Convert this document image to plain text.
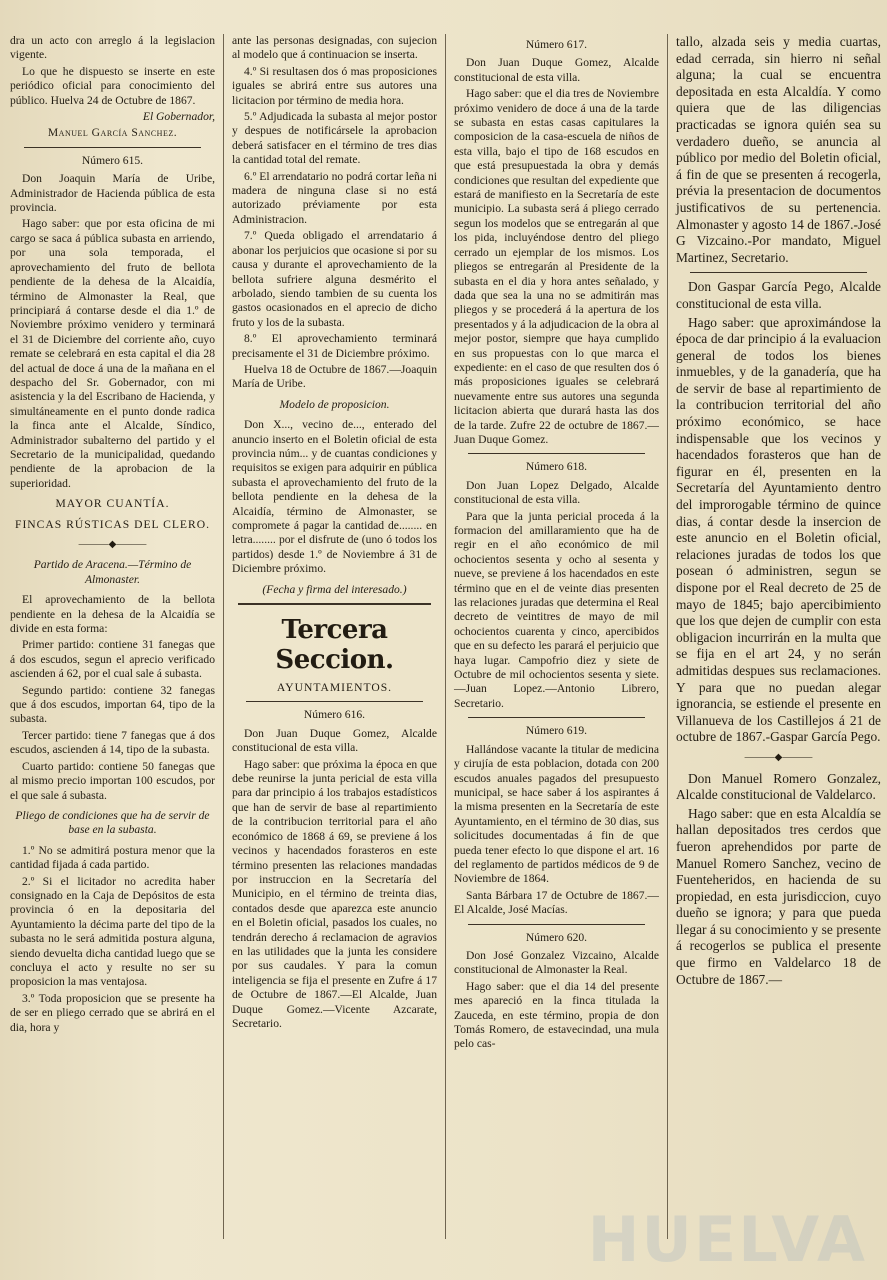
dra un acto con arreglo á la legislacion vigente.

Lo que he dispuesto se inserte en este periódico oficial para conocimiento del público. Huelva 24 de Octubre de 1867.

El Gobernador,

Manuel García Sanchez.

Número 615.

Don Joaquin María de Uribe, Administrador de Hacienda pública de esta provincia.

Hago saber: que por esta oficina de mi cargo se saca á pública subasta en arriendo, por una sola temporada, el aprovechamiento del fruto de bellota pendiente de la dehesa de la Alcaidía, término de Almonaster la Real, que principiará á contarse desde el dia 1.º de Noviembre próximo venidero y terminará el 31 de Diciembre del corriente año, cuyo remate se celebrará en esta capital el dia 28 del actual de doce á una de la mañana en el despacho del Sr. Gobernador, con mi asistencia y la del Escribano de Hacienda, y simultáneamente en el punto donde radica la finca ante el Alcalde, Síndico, Administrador subalterno del partido y el Secretario de la municipalidad, quedando pendiente de la aprobacion de la superioridad.

MAYOR CUANTÍA.

FINCAS RÚSTICAS DEL CLERO.

———◆———

Partido de Aracena.—Término de Almonaster.

El aprovechamiento de la bellota pendiente en la dehesa de la Alcaidía se divide en esta forma:

Primer partido: contiene 31 fanegas que á dos escudos, segun el aprecio verificado ascienden á 62, por el cual sale á subasta.

Segundo partido: contiene 32 fanegas que á dos escudos, importan 64, tipo de la subasta.

Tercer partido: tiene 7 fanegas que á dos escudos, ascienden á 14, tipo de la subasta.

Cuarto partido: contiene 50 fanegas que al mismo precio importan 100 escudos, por el que sale á subasta.

Pliego de condiciones que ha de servir de base en la subasta.

1.º No se admitirá postura menor que la cantidad fijada á cada partido.

2.º Si el licitador no acredita haber consignado en la Caja de Depósitos de esta provincia ó en la depositaria del Ayuntamiento la décima parte del tipo de la subasta no le será admitida postura alguna, siendo devuelta dicha cantidad luego que se concluya el acto y resulte no ser su proposicion la mas ventajosa.

3.º Toda proposicion que se presente ha de ser en pliego cerrado que se abrirá en el dia, hora y

ante las personas designadas, con sujecion al modelo que á continuacion se inserta.

4.º Si resultasen dos ó mas proposiciones iguales se abrirá entre sus autores una licitacion por término de media hora.

5.º Adjudicada la subasta al mejor postor y despues de notificársele la aprobacion deberá satisfacer en el término de tres dias la cantidad total del remate.

6.º El arrendatario no podrá cortar leña ni madera de ninguna clase si no está autorizado préviamente por esta Administracion.

7.º Queda obligado el arrendatario á abonar los perjuicios que ocasione si por su causa y durante el aprovechamiento de la bellota sufriere alguna desmérito el arbolado, siendo tambien de su cuenta los gastos ocasionados en el aprecio de dicho fruto y los de la subasta.

8.º El aprovechamiento terminará precisamente el 31 de Diciembre próximo.

Huelva 18 de Octubre de 1867.—Joaquin María de Uribe.

Modelo de proposicion.

Don X..., vecino de..., enterado del anuncio inserto en el Boletin oficial de esta provincia núm... y de cuantas condiciones y requisitos se exigen para adquirir en pública subasta el aprovechamiento del fruto de la bellota pendiente en la dehesa de la Alcaidía, término de Almonaster, se compromete á pagar la cantidad de........ en letra........ por el disfrute de (uno ó todos los partidos) desde 1.º de Noviembre á 31 de Diciembre próximo.

(Fecha y firma del interesado.)

Tercera Seccion.

AYUNTAMIENTOS.

Número 616.

Don Juan Duque Gomez, Alcalde constitucional de esta villa.

Hago saber: que próxima la época en que debe reunirse la junta pericial de esta villa para dar principio á los trabajos estadísticos que han de servir de base al repartimiento de la contribucion territorial para el año económico de 1868 á 69, se previene á los vecinos y hacendados forasteros en este término presenten las relaciones mandadas por instruccion en la Secretaría del Municipio, en el término de treinta dias, contados desde que aparezca este anuncio en el Boletin oficial, pasados los cuales, no tendrán derecho á reclamacion de agravios en las utilidades que la junta les considere por sus caudales. Y para la comun inteligencia se fija el presente en Zufre á 17 de Octubre de 1867.—El Alcalde, Juan Duque Gomez.—Vicente Azcarate, Secretario.

Número 617.

Don Juan Duque Gomez, Alcalde constitucional de esta villa.

Hago saber: que el dia tres de Noviembre próximo venidero de doce á una de la tarde se subasta en estas casas capitulares la composicion de la casa-escuela de niños de esta villa, bajo el tipo de 168 escudos en que está presupuestada la obra y demás condiciones que resultan del expediente que estará de manifiesto en la Secretaría de este municipio. La subasta será á pliego cerrado segun los modelos que se entregarán al que los pida, incluyéndose dentro del pliego cerrado un ejemplar de los mismos. Los pliegos se entregarán al Presidente de la subasta en el dia y hora antes señalado, y dada que sea la una no se admitirán mas pliegos y se procederá á la apertura de los presentados y á la adjudicacion de la obra al mejor postor, siempre que haya cumplido en sus propuestas con lo que marca el expediente: en el caso de que resulten dos ó más proposiciones iguales se celebrará nuevamente entre sus autores una segunda licitacion abierta que durará hasta las dos de la tarde. Zufre 22 de octubre de 1867.—Juan Duque Gomez.

Número 618.

Don Juan Lopez Delgado, Alcalde constitucional de esta villa.

Para que la junta pericial proceda á la formacion del amillaramiento que ha de regir en el año económico de mil ochocientos sesenta y ocho al sesenta y nueve, se previene á los hacendados en este término que en el de veinte dias presenten las relaciones juradas que determina el Real decreto de veintitres de mayo de mil ochocientos cuarenta y cinco, apercibidos que en su defecto les parará el perjuicio que haya lugar. Campofrio diez y siete de Octubre de mil ochocientos sesenta y siete.—Juan Lopez.—Antonio Librero, Secretario.

Número 619.

Hallándose vacante la titular de medicina y cirujía de esta poblacion, dotada con 200 escudos anuales pagados del presupuesto municipal, se hace saber á los aspirantes á la misma presenten en la Secretaría de este Ayuntamiento, en el término de 30 dias, sus solicitudes documentadas á fin de que pueda tener efecto lo que dispone el art. 16 del reglamento de partidos médicos de 9 de Noviembre de 1864.

Santa Bárbara 17 de Octubre de 1867.—El Alcalde, José Macías.

Número 620.

Don José Gonzalez Vizcaino, Alcalde constitucional de Almonaster la Real.

Hago saber: que el dia 14 del presente mes apareció en la finca titulada la Zauceda, en este término, propia de don Tomás Romero, de estavecindad, una mula pelo cas-

tallo, alzada seis y media cuartas, edad cerrada, sin hierro ni señal alguna; la cual se encuentra depositada en esta Alcaldía. Y como quiera que de las diligencias practicadas se ignora quién sea su verdadero dueño, se anuncia al público por medio del Boletin oficial, á fin de que se presenten á recogerla, prévia la presentacion de documentos justificativos de su pertenencia. Almonaster y agosto 14 de 1867.-José G Vizcaino.-Por mandato, Miguel Martinez, Secretario.

Don Gaspar García Pego, Alcalde constitucional de esta villa.

Hago saber: que aproximándose la época de dar principio á la evaluacion general de todos los bienes inmuebles, y de la ganadería, que ha de servir de base al repartimiento de la contribucion territorial del año próximo económico, se hace indispensable que los vecinos y hacendados forasteros que han de figurar en él, presenten en la Secretaría del Ayuntamiento dentro del improrogable término de quince dias, á contar desde la insercion de este anuncio en el Boletin oficial, relaciones juradas de todos los que posean ó administren, segun se dispone por el Real decreto de 25 de mayo de 1845; bajo apercibimiento que los que dejen de cumplir con esta obligacion incurrirán en la multa que se fija en el art 24, y no serán admitidas despues sus reclamaciones. Y para que no puedan alegar ignorancia, se estiende el presente en Villanueva de los Castillejos á 21 de octubre de 1867.-Gaspar García Pego.

———◆———

Don Manuel Romero Gonzalez, Alcalde constitucional de Valdelarco.

Hago saber: que en esta Alcaldía se hallan depositados tres cerdos que fueron aprehendidos por parte de Manuel Romero Sanchez, vecino de Fuenteheridos, en hacienda de su propiedad, en esta jurisdiccion, cuyo dueño se ignora; y para que pueda llegar á su conocimiento y se presente á recogerlos se publica el presente que firmo en Valdelarco 18 de Octubre de 1867.—

HUELVA
